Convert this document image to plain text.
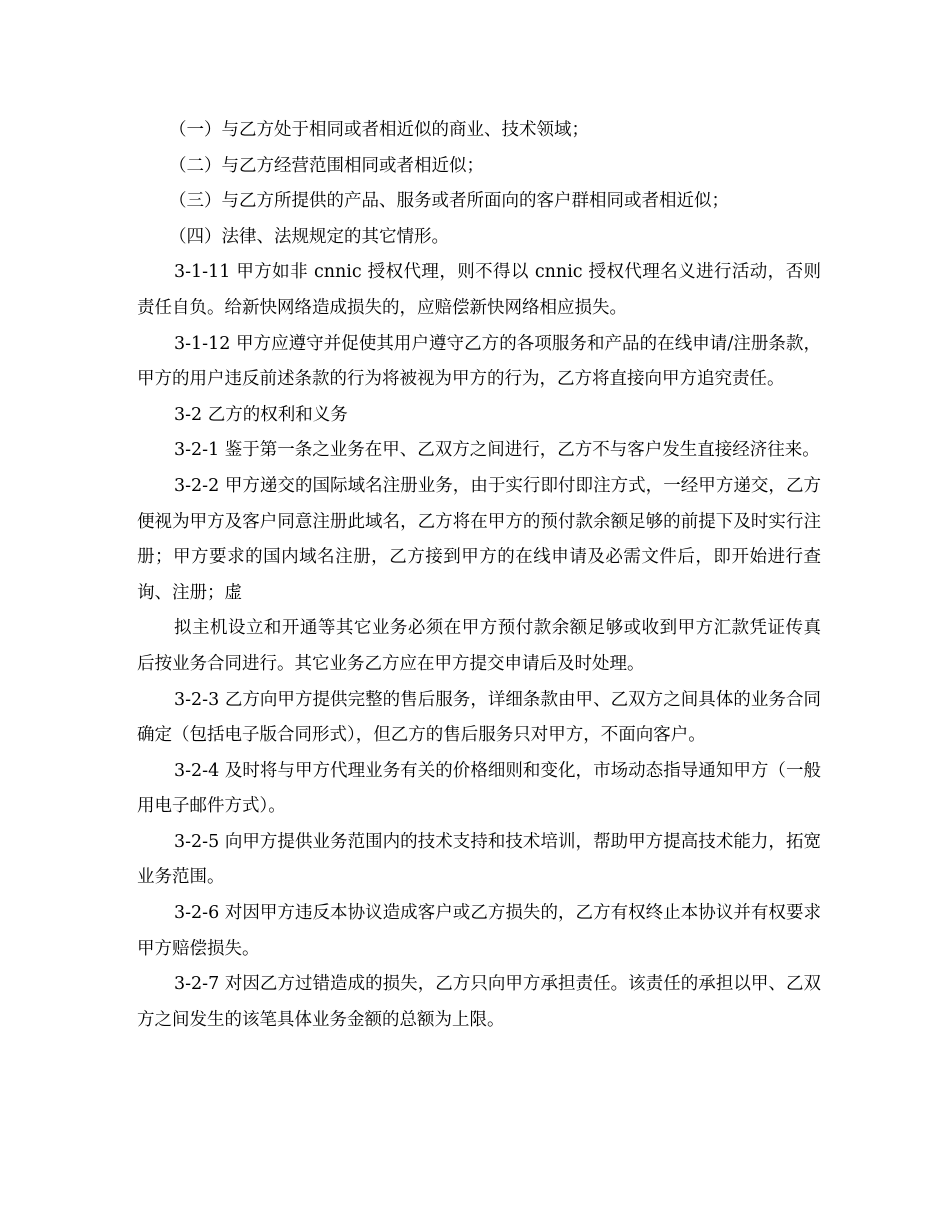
（一）与乙方处于相同或者相近似的商业、技术领域；

（二）与乙方经营范围相同或者相近似；

（三）与乙方所提供的产品、服务或者所面向的客户群相同或者相近似；

（四）法律、法规规定的其它情形。

3-1-11 甲方如非 cnnic 授权代理，则不得以 cnnic 授权代理名义进行活动，否则责任自负。给新快网络造成损失的，应赔偿新快网络相应损失。

3-1-12 甲方应遵守并促使其用户遵守乙方的各项服务和产品的在线申请/注册条款，甲方的用户违反前述条款的行为将被视为甲方的行为，乙方将直接向甲方追究责任。

3-2 乙方的权利和义务

3-2-1 鉴于第一条之业务在甲、乙双方之间进行，乙方不与客户发生直接经济往来。

3-2-2 甲方递交的国际域名注册业务，由于实行即付即注方式，一经甲方递交，乙方便视为甲方及客户同意注册此域名，乙方将在甲方的预付款余额足够的前提下及时实行注册；甲方要求的国内域名注册，乙方接到甲方的在线申请及必需文件后，即开始进行查询、注册；虚

拟主机设立和开通等其它业务必须在甲方预付款余额足够或收到甲方汇款凭证传真后按业务合同进行。其它业务乙方应在甲方提交申请后及时处理。

3-2-3 乙方向甲方提供完整的售后服务，详细条款由甲、乙双方之间具体的业务合同确定（包括电子版合同形式），但乙方的售后服务只对甲方，不面向客户。

3-2-4 及时将与甲方代理业务有关的价格细则和变化，市场动态指导通知甲方（一般用电子邮件方式）。

3-2-5 向甲方提供业务范围内的技术支持和技术培训，帮助甲方提高技术能力，拓宽业务范围。

3-2-6 对因甲方违反本协议造成客户或乙方损失的，乙方有权终止本协议并有权要求甲方赔偿损失。

3-2-7 对因乙方过错造成的损失，乙方只向甲方承担责任。该责任的承担以甲、乙双方之间发生的该笔具体业务金额的总额为上限。
